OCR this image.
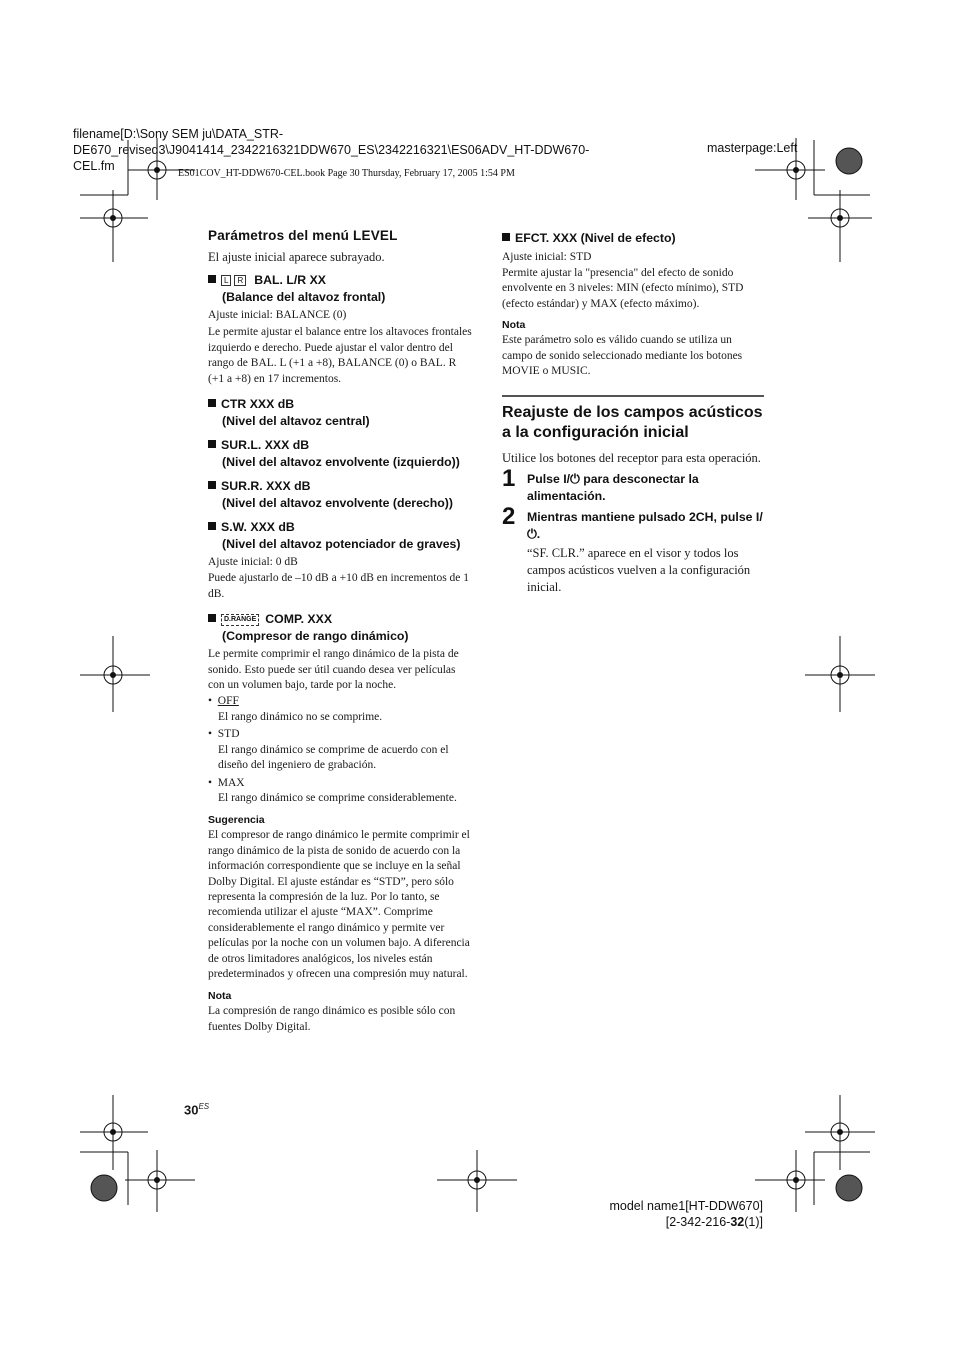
filename[D:\Sony SEM ju\DATA_STR-
DE670_revised3\J9041414_2342216321DDW670_ES\2342216321\ES06ADV_HT-DDW670-
CEL.fm
masterpage:Left
ES01COV_HT-DDW670-CEL.book Page 30 Thursday, February 17, 2005 1:54 PM
Parámetros del menú LEVEL

El ajuste inicial aparece subrayado.

L R BAL. L/R XX
(Balance del altavoz frontal)

Ajuste inicial: BALANCE (0)

Le permite ajustar el balance entre los altavoces frontales izquierdo e derecho. Puede ajustar el valor dentro del rango de BAL. L (+1 a +8), BALANCE (0) o BAL. R (+1 a +8) en 17 incrementos.

CTR XXX dB
(Nivel del altavoz central)
SUR.L. XXX dB
(Nivel del altavoz envolvente (izquierdo))
SUR.R. XXX dB
(Nivel del altavoz envolvente (derecho))
S.W. XXX dB
(Nivel del altavoz potenciador de graves)

Ajuste inicial: 0 dB

Puede ajustarlo de –10 dB a +10 dB en incrementos de 1 dB.

D.RANGE COMP. XXX
(Compresor de rango dinámico)

Le permite comprimir el rango dinámico de la pista de sonido. Esto puede ser útil cuando desea ver películas con un volumen bajo, tarde por la noche.

•  OFF

El rango dinámico no se comprime.

•  STD

El rango dinámico se comprime de acuerdo con el diseño del ingeniero de grabación.

•  MAX

El rango dinámico se comprime considerablemente.

Sugerencia

El compresor de rango dinámico le permite comprimir el rango dinámico de la pista de sonido de acuerdo con la información correspondiente que se incluye en la señal Dolby Digital. El ajuste estándar es “STD”, pero sólo representa la compresión de la luz. Por lo tanto, se recomienda utilizar el ajuste “MAX”. Comprime considerablemente el rango dinámico y permite ver películas por la noche con un volumen bajo. A diferencia de otros limitadores analógicos, los niveles están predeterminados y ofrecen una compresión muy natural.

Nota

La compresión de rango dinámico es posible sólo con fuentes Dolby Digital.

EFCT. XXX (Nivel de efecto)

Ajuste inicial: STD

Permite ajustar la "presencia" del efecto de sonido envolvente en 3 niveles: MIN (efecto mínimo), STD (efecto estándar) y MAX (efecto máximo).

Nota

Este parámetro solo es válido cuando se utiliza un campo de sonido seleccionado mediante los botones MOVIE o MUSIC.

Reajuste de los campos acústicos a la configuración inicial

Utilice los botones del receptor para esta operación.

1 Pulse I/⏻ para desconectar la alimentación.
2 Mientras mantiene pulsado 2CH, pulse I/⏻.

“SF. CLR.” aparece en el visor y todos los campos acústicos vuelven a la configuración inicial.

$30^{ES}$
model name1[HT-DDW670]
[2-342-216-32(1)]
